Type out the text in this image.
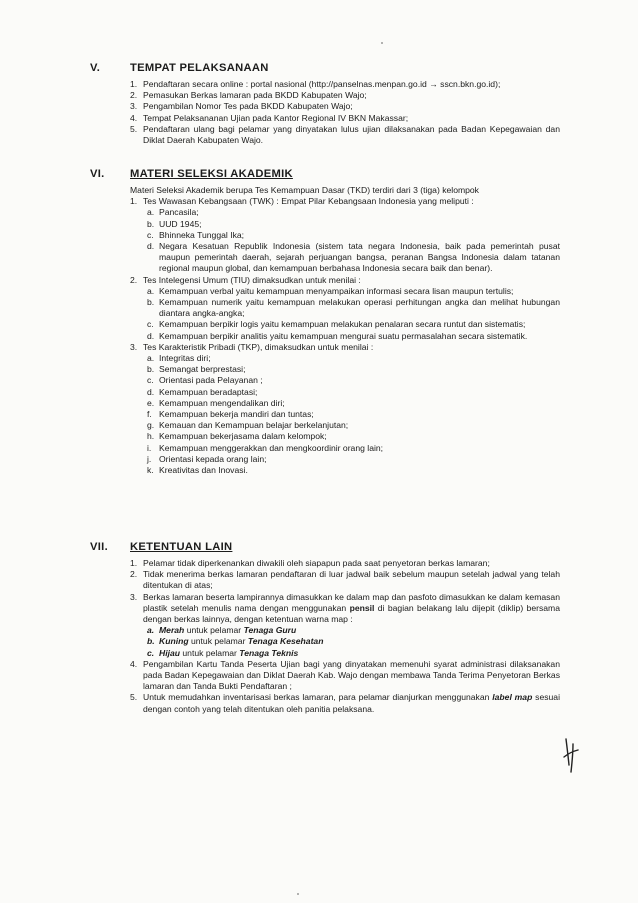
V.	TEMPAT PELAKSANAAN
1. Pendaftaran secara online : portal nasional (http://panselnas.menpan.go.id → sscn.bkn.go.id);
2. Pemasukan Berkas lamaran pada BKDD Kabupaten Wajo;
3. Pengambilan Nomor Tes pada BKDD Kabupaten Wajo;
4. Tempat Pelaksananan Ujian pada Kantor Regional IV BKN Makassar;
5. Pendaftaran ulang bagi pelamar yang dinyatakan lulus ujian dilaksanakan pada Badan Kepegawaian dan Diklat Daerah Kabupaten Wajo.
VI. MATERI SELEKSI AKADEMIK

Materi Seleksi Akademik berupa Tes Kemampuan Dasar (TKD) terdiri dari 3 (tiga) kelompok

1. Tes Wawasan Kebangsaan (TWK) : Empat Pilar Kebangsaan Indonesia yang meliputi :
a. Pancasila;
b. UUD 1945;
c. Bhinneka Tunggal Ika;
d. Negara Kesatuan Republik Indonesia (sistem tata negara Indonesia, baik pada pemerintah pusat maupun pemerintah daerah, sejarah perjuangan bangsa, peranan Bangsa Indonesia dalam tatanan regional maupun global, dan kemampuan berbahasa Indonesia secara baik dan benar).
2. Tes Intelegensi Umum (TIU) dimaksudkan untuk menilai :
a. Kemampuan verbal yaitu kemampuan menyampaikan informasi secara lisan maupun tertulis;
b. Kemampuan numerik yaitu kemampuan melakukan operasi perhitungan angka dan melihat hubungan diantara angka-angka;
c. Kemampuan berpikir logis yaitu kemampuan melakukan penalaran secara runtut dan sistematis;
d. Kemampuan berpikir analitis yaitu kemampuan mengurai suatu permasalahan secara sistematik.
3. Tes Karakteristik Pribadi (TKP), dimaksudkan untuk menilai :
a. Integritas diri;
b. Semangat berprestasi;
c. Orientasi pada Pelayanan ;
d. Kemampuan beradaptasi;
e. Kemampuan mengendalikan diri;
f. Kemampuan bekerja mandiri dan tuntas;
g. Kemauan dan Kemampuan belajar berkelanjutan;
h. Kemampuan bekerjasama dalam kelompok;
i. Kemampuan menggerakkan dan mengkoordinir orang lain;
j. Orientasi kepada orang lain;
k. Kreativitas dan Inovasi.
VII. KETENTUAN LAIN
1. Pelamar tidak diperkenankan diwakili oleh siapapun pada saat penyetoran berkas lamaran;
2. Tidak menerima berkas lamaran pendaftaran di luar jadwal baik sebelum maupun setelah jadwal yang telah ditentukan di atas;
3. Berkas lamaran beserta lampirannya dimasukkan ke dalam map dan pasfoto dimasukkan ke dalam kemasan plastik setelah menulis nama dengan menggunakan pensil di bagian belakang lalu dijepit (diklip) bersama dengan berkas lainnya, dengan ketentuan warna map :
a. Merah untuk pelamar Tenaga Guru
b. Kuning untuk pelamar Tenaga Kesehatan
c. Hijau untuk pelamar Tenaga Teknis
4. Pengambilan Kartu Tanda Peserta Ujian bagi yang dinyatakan memenuhi syarat administrasi dilaksanakan pada Badan Kepegawaian dan Diklat Daerah Kab. Wajo dengan membawa Tanda Terima Penyetoran Berkas lamaran dan Tanda Bukti Pendaftaran ;
5. Untuk memudahkan inventarisasi berkas lamaran, para pelamar dianjurkan menggunakan label map sesuai dengan contoh yang telah ditentukan oleh panitia pelaksana.
